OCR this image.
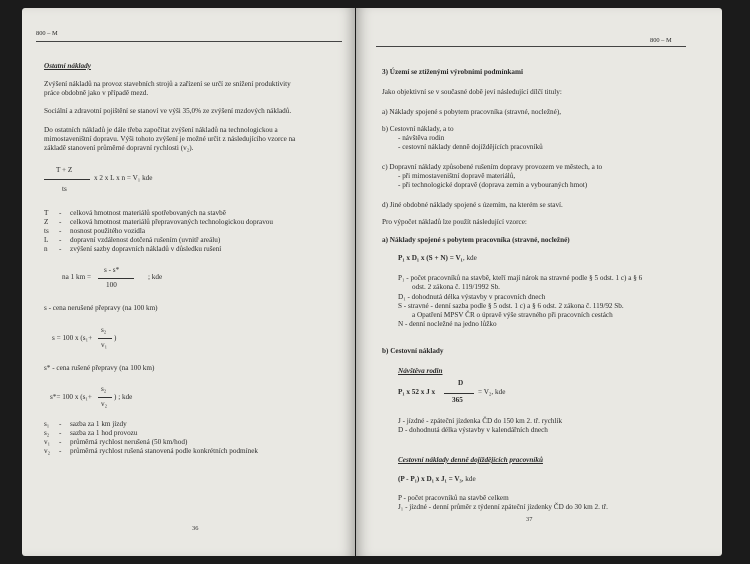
800 – M
Ostatní náklady
Zvýšení nákladů na provoz stavebních strojů a zařízení se určí ze snížení produktivity
práce obdobně jako v případě mezd.
Sociální a zdravotní pojištění se stanoví ve výši 35,0% ze zvýšení mzdových nákladů.
Do ostatních nákladů je dále třeba započítat zvýšení nákladů na technologickou a
mimostaveništní dopravu. Výši tohoto zvýšení je možné určit z následujícího vzorce na
základě stanovení průměrné dopravní rychlosti (v₂).
T + Z
x 2 x L x n = V₁ kde
ts
T - celková hmotnost materiálů spotřebovaných na stavbě
Z - celková hmotnost materiálů přepravovaných technologickou dopravou
ts - nosnost použitého vozidla
L - dopravní vzdálenost dotčená rušením (uvnitř areálu)
n - zvýšení sazby dopravních nákladů v důsledku rušení
s - s*
na 1 km =
100
; kde
s - cena nerušené přepravy (na 100 km)
s₂
s = 100 x (s₁+	)
v₁
s* - cena rušené přepravy (na 100 km)
s₂
s*= 100 x (s₁+	) ; kde
v₂
s₁ - sazba za 1 km jízdy
s₂ - sazba za 1 hod provozu
v₁ - průměrná rychlost nerušená (50 km/hod)
v₂ - průměrná rychlost rušená stanovená podle konkrétních podmínek
36
800 – M
3) Území se ztíženými výrobními podmínkami
Jako objektivní se v současné době jeví následující dílčí tituly:
a) Náklady spojené s pobytem pracovníka (stravné, nocležné),
b) Cestovní náklady, a to
- návštěva rodin
- cestovní náklady denně dojíždějících pracovníků
c) Dopravní náklady způsobené rušením dopravy provozem ve městech, a to
- při mimostaveništní dopravě materiálů,
- při technologické dopravě (doprava zemin a vybouraných hmot)
d) Jiné obdobné náklady spojené s územím, na kterém se staví.
Pro výpočet nákladů lze použít následující vzorce:
a) Náklady spojené s pobytem pracovníka (stravné, nocležné)
P₁ x D₁ x (S + N) = V₁, kde
P₁ - počet pracovníků na stavbě, kteří mají nárok na stravné podle § 5 odst. 1 c) a § 6
odst. 2 zákona č. 119/1992 Sb.
D₁ - dohodnutá délka výstavby v pracovních dnech
S - stravné - denní sazba podle § 5 odst. 1 c) a § 6 odst. 2 zákona č. 119/92 Sb.
a Opatření MPSV ČR o úpravě výše stravného při pracovních cestách
N - denní nocležné na jedno lůžko
b) Cestovní náklady
Návštěva rodin
D
P₁ x 52 x J x
365
= V₂, kde
J - jízdné - zpáteční jízdenka ČD do 150 km 2. tř. rychlík
D - dohodnutá délka výstavby v kalendářních dnech
Cestovní náklady denně dojíždějících pracovníků
(P - P₁) x D₁ x J₁ = V₃, kde
P - počet pracovníků na stavbě celkem
J₁ - jízdné - denní průměr z týdenní zpáteční jízdenky ČD do 30 km 2. tř.
37
